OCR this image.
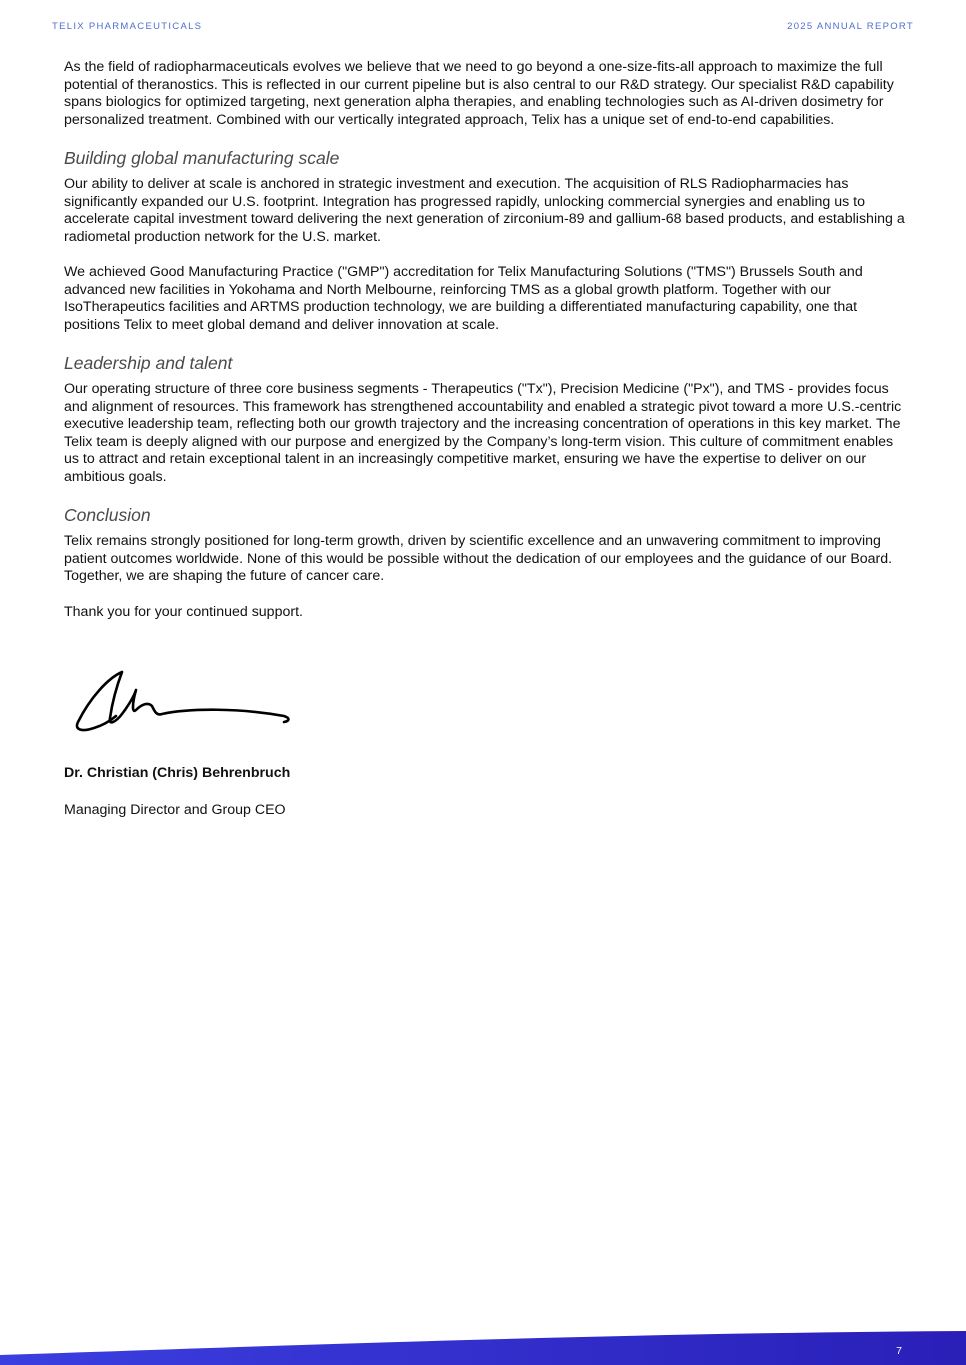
TELIX PHARMACEUTICALS	2025 ANNUAL REPORT

As the field of radiopharmaceuticals evolves we believe that we need to go beyond a one-size-fits-all approach to maximize the full potential of theranostics. This is reflected in our current pipeline but is also central to our R&D strategy. Our specialist R&D capability spans biologics for optimized targeting, next generation alpha therapies, and enabling technologies such as AI-driven dosimetry for personalized treatment. Combined with our vertically integrated approach, Telix has a unique set of end-to-end capabilities.

Building global manufacturing scale

Our ability to deliver at scale is anchored in strategic investment and execution. The acquisition of RLS Radiopharmacies has significantly expanded our U.S. footprint. Integration has progressed rapidly, unlocking commercial synergies and enabling us to accelerate capital investment toward delivering the next generation of zirconium-89 and gallium-68 based products, and establishing a radiometal production network for the U.S. market.

We achieved Good Manufacturing Practice ("GMP") accreditation for Telix Manufacturing Solutions ("TMS") Brussels South and advanced new facilities in Yokohama and North Melbourne, reinforcing TMS as a global growth platform. Together with our IsoTherapeutics facilities and ARTMS production technology, we are building a differentiated manufacturing capability, one that positions Telix to meet global demand and deliver innovation at scale.

Leadership and talent

Our operating structure of three core business segments - Therapeutics ("Tx"), Precision Medicine ("Px"), and TMS - provides focus and alignment of resources. This framework has strengthened accountability and enabled a strategic pivot toward a more U.S.-centric executive leadership team, reflecting both our growth trajectory and the increasing concentration of operations in this key market. The Telix team is deeply aligned with our purpose and energized by the Company’s long-term vision. This culture of commitment enables us to attract and retain exceptional talent in an increasingly competitive market, ensuring we have the expertise to deliver on our ambitious goals.

Conclusion

Telix remains strongly positioned for long-term growth, driven by scientific excellence and an unwavering commitment to improving patient outcomes worldwide. None of this would be possible without the dedication of our employees and the guidance of our Board. Together, we are shaping the future of cancer care.

Thank you for your continued support.

Dr. Christian (Chris) Behrenbruch
Managing Director and Group CEO
7
